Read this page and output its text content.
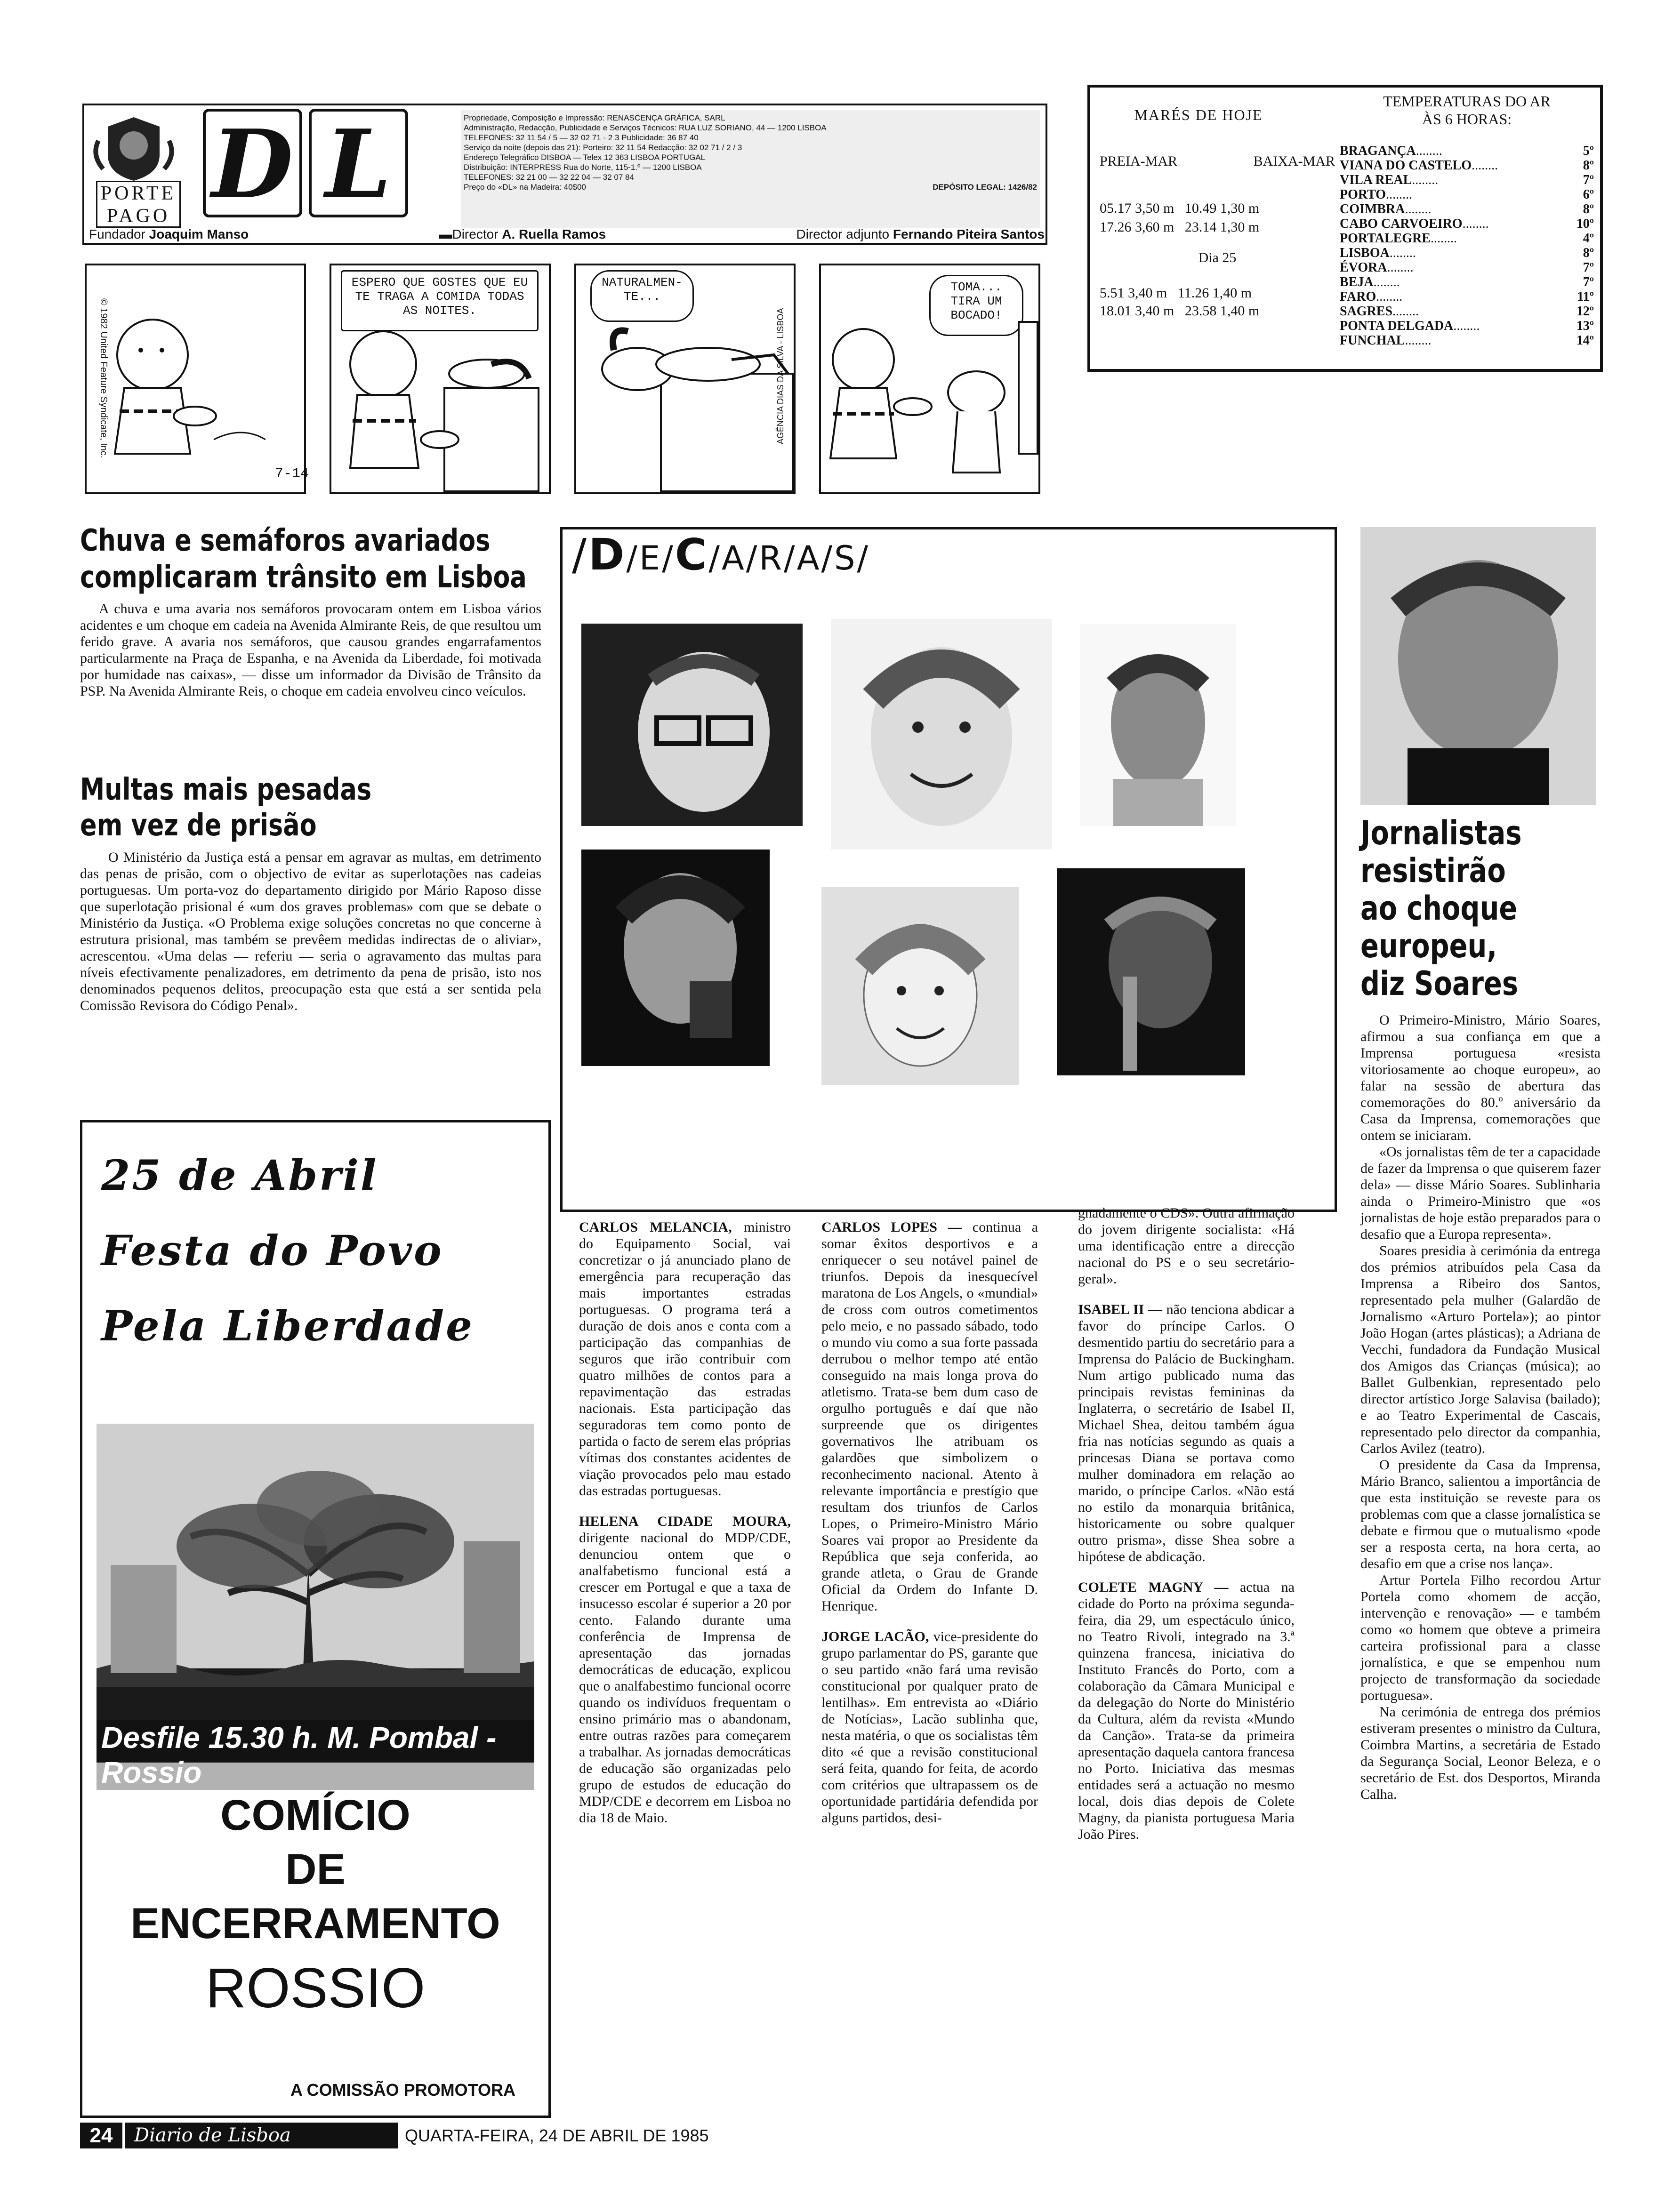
PORTE
PAGO D L	Propriedade, Composição e Impressão: RENASCENÇA GRÁFICA, SARL
Administração, Redacção, Publicidade e Serviços Técnicos: RUA LUZ SORIANO, 44 — 1200 LISBOA
TELEFONES: 32 11 54 / 5 — 32 02 71 - 2 3 Publicidade: 36 87 40
Serviço da noite (depois das 21): Porteiro: 32 11 54 Redacção: 32 02 71 / 2 / 3
Endereço Telegráfico DISBOA — Telex 12 363 LISBOA PORTUGAL
Distribuição: INTERPRESS Rua do Norte, 115-1.º — 1200 LISBOA
TELEFONES: 32 21 00 — 32 22 04 — 32 07 84
Preço do «DL» na Madeira: 40$00	DEPÓSITO LEGAL: 1426/82
Fundador Joaquim Manso	▬Director A. Ruella Ramos	Director adjunto Fernando Piteira Santos
MARÉS DE HOJE
PREIA-MAR	BAIXA-MAR
05.17 3,50 m 10.49 1,30 m
17.26 3,60 m 23.14 1,30 m
Dia 25
5.51 3,40 m 11.26 1,40 m
18.01 3,40 m 23.58 1,40 m
TEMPERATURAS DO AR
ÀS 6 HORAS:
BRAGANÇA ........	5º
VIANA DO CASTELO ........	8º
VILA REAL ........	7º
PORTO ........	6º
COIMBRA ........	8º
CABO CARVOEIRO ........	10º
PORTALEGRE ........	4º
LISBOA ........	8º
ÉVORA ........	7º
BEJA ........	7º
FARO ........	11º
SAGRES ........	12º
PONTA DELGADA ........	13º
FUNCHAL ........	14º
© 1982 United Feature Syndicate, Inc.
7-14
ESPERO QUE GOSTES QUE EU TE TRAGA A COMIDA TODAS AS NOITES.
NATURALMEN-TE...
AGÊNCIA DIAS DA SILVA - LISBOA
TOMA... TIRA UM BOCADO!
Chuva e semáforos avariados
complicaram trânsito em Lisboa
A chuva e uma avaria nos semáforos provocaram ontem em Lisboa vários acidentes e um choque em cadeia na Avenida Almirante Reis, de que resultou um ferido grave. A avaria nos semáforos, que causou grandes engarrafamentos particularmente na Praça de Espanha, e na Avenida da Liberdade, foi motivada por humidade nas caixas», — disse um informador da Divisão de Trânsito da PSP. Na Avenida Almirante Reis, o choque em cadeia envolveu cinco veículos.
Multas mais pesadas
em vez de prisão
O Ministério da Justiça está a pensar em agravar as multas, em detrimento das penas de prisão, com o objectivo de evitar as superlotações nas cadeias portuguesas. Um porta-voz do departamento dirigido por Mário Raposo disse que superlotação prisional é «um dos graves problemas» com que se debate o Ministério da Justiça. «O Problema exige soluções concretas no que concerne à estrutura prisional, mas também se prevêem medidas indirectas de o aliviar», acrescentou. «Uma delas — referiu — seria o agravamento das multas para níveis efectivamente penalizadores, em detrimento da pena de prisão, isto nos denominados pequenos delitos, preocupação esta que está a ser sentida pela Comissão Revisora do Código Penal».
25 de Abril
Festa do Povo
Pela Liberdade
Desfile 15.30 h. M. Pombal - Rossio
COMÍCIO
DE
ENCERRAMENTO
ROSSIO
A COMISSÃO PROMOTORA
/D/E/C/A/R/A/S/
CARLOS MELANCIA, ministro do Equipamento Social, vai concretizar o já anunciado plano de emergência para recuperação das mais importantes estradas portuguesas. O programa terá a duração de dois anos e conta com a participação das companhias de seguros que irão contribuir com quatro milhões de contos para a repavimentação das estradas nacionais. Esta participação das seguradoras tem como ponto de partida o facto de serem elas próprias vítimas dos constantes acidentes de viação provocados pelo mau estado das estradas portuguesas.
HELENA CIDADE MOURA, dirigente nacional do MDP/CDE, denunciou ontem que o analfabetismo funcional está a crescer em Portugal e que a taxa de insucesso escolar é superior a 20 por cento. Falando durante uma conferência de Imprensa de apresentação das jornadas democráticas de educação, explicou que o analfabestimo funcional ocorre quando os indivíduos frequentam o ensino primário mas o abandonam, entre outras razões para começarem a trabalhar. As jornadas democráticas de educação são organizadas pelo grupo de estudos de educação do MDP/CDE e decorrem em Lisboa no dia 18 de Maio.
CARLOS LOPES — continua a somar êxitos desportivos e a enriquecer o seu notável painel de triunfos. Depois da inesquecível maratona de Los Angels, o «mundial» de cross com outros cometimentos pelo meio, e no passado sábado, todo o mundo viu como a sua forte passada derrubou o melhor tempo até então conseguido na mais longa prova do atletismo. Trata-se bem dum caso de orgulho português e daí que não surpreende que os dirigentes governativos lhe atribuam os galardões que simbolizem o reconhecimento nacional. Atento à relevante importância e prestígio que resultam dos triunfos de Carlos Lopes, o Primeiro-Ministro Mário Soares vai propor ao Presidente da República que seja conferida, ao grande atleta, o Grau de Grande Oficial da Ordem do Infante D. Henrique.
JORGE LACÃO, vice-presidente do grupo parlamentar do PS, garante que o seu partido «não fará uma revisão constitucional por qualquer prato de lentilhas». Em entrevista ao «Diário de Notícias», Lacão sublinha que, nesta matéria, o que os socialistas têm dito «é que a revisão constitucional será feita, quando for feita, de acordo com critérios que ultrapassem os de oportunidade partidária defendida por alguns partidos, desi-
gnadamente o CDS». Outra afirmação do jovem dirigente socialista: «Há uma identificação entre a direcção nacional do PS e o seu secretário-geral».
ISABEL II — não tenciona abdicar a favor do príncipe Carlos. O desmentido partiu do secretário para a Imprensa do Palácio de Buckingham. Num artigo publicado numa das principais revistas femininas da Inglaterra, o secretário de Isabel II, Michael Shea, deitou também água fria nas notícias segundo as quais a princesas Diana se portava como mulher dominadora em relação ao marido, o príncipe Carlos. «Não está no estilo da monarquia britânica, historicamente ou sobre qualquer outro prisma», disse Shea sobre a hipótese de abdicação.
COLETE MAGNY — actua na cidade do Porto na próxima segunda-feira, dia 29, um espectáculo único, no Teatro Rivoli, integrado na 3.ª quinzena francesa, iniciativa do Instituto Francês do Porto, com a colaboração da Câmara Municipal e da delegação do Norte do Ministério da Cultura, além da revista «Mundo da Canção». Trata-se da primeira apresentação daquela cantora francesa no Porto. Iniciativa das mesmas entidades será a actuação no mesmo local, dois dias depois de Colete Magny, da pianista portuguesa Maria João Pires.
Jornalistas
resistirão
ao choque
europeu,
diz Soares

O Primeiro-Ministro, Mário Soares, afirmou a sua confiança em que a Imprensa portuguesa «resista vitoriosamente ao choque europeu», ao falar na sessão de abertura das comemorações do 80.º aniversário da Casa da Imprensa, comemorações que ontem se iniciaram.

«Os jornalistas têm de ter a capacidade de fazer da Imprensa o que quiserem fazer dela» — disse Mário Soares. Sublinharia ainda o Primeiro-Ministro que «os jornalistas de hoje estão preparados para o desafio que a Europa representa».

Soares presidia à cerimónia da entrega dos prémios atribuídos pela Casa da Imprensa a Ribeiro dos Santos, representado pela mulher (Galardão de Jornalismo «Arturo Portela»); ao pintor João Hogan (artes plásticas); a Adriana de Vecchi, fundadora da Fundação Musical dos Amigos das Crianças (música); ao Ballet Gulbenkian, representado pelo director artístico Jorge Salavisa (bailado); e ao Teatro Experimental de Cascais, representado pelo director da companhia, Carlos Avilez (teatro).

O presidente da Casa da Imprensa, Mário Branco, salientou a importância de que esta instituição se reveste para os problemas com que a classe jornalística se debate e firmou que o mutualismo «pode ser a resposta certa, na hora certa, ao desafio em que a crise nos lança».

Artur Portela Filho recordou Artur Portela como «homem de acção, intervenção e renovação» — e também como «o homem que obteve a primeira carteira profissional para a classe jornalística, e que se empenhou num projecto de transformação da sociedade portuguesa».

Na cerimónia de entrega dos prémios estiveram presentes o ministro da Cultura, Coimbra Martins, a secretária de Estado da Segurança Social, Leonor Beleza, e o secretário de Est. dos Desportos, Miranda Calha.

24	Diario de Lisboa	QUARTA-FEIRA, 24 DE ABRIL DE 1985
